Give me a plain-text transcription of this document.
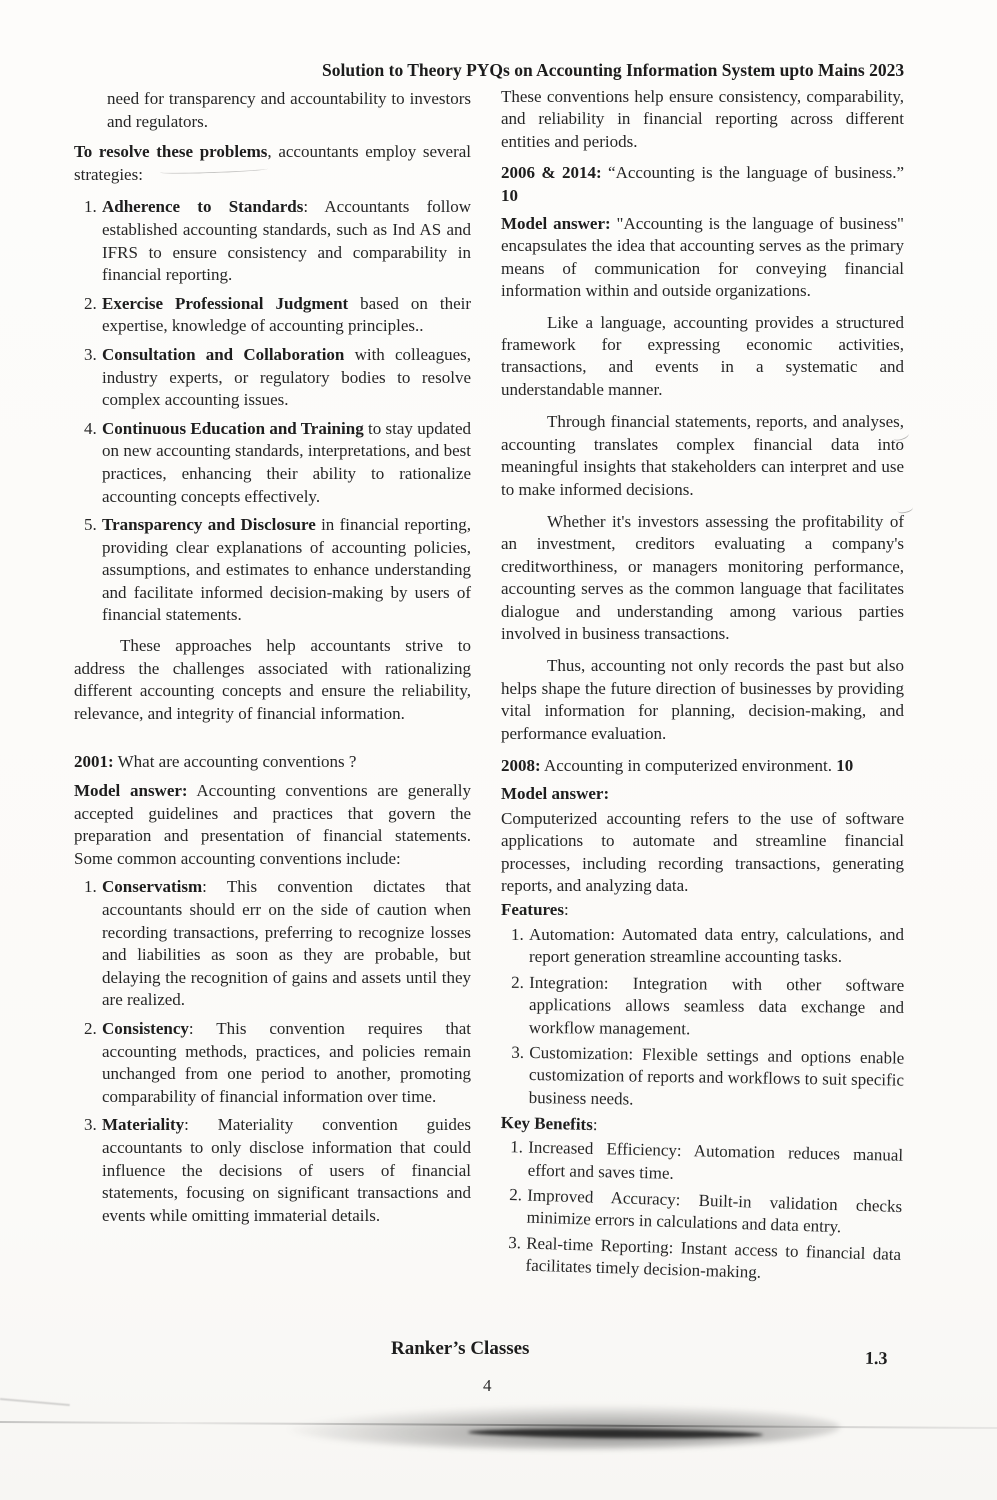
Solution to Theory PYQs on Accounting Information System upto Mains 2023

need for transparency and accountability to investors and regulators.

To resolve these problems, accountants employ several strategies:

1. Adherence to Standards: Accountants follow established accounting standards, such as Ind AS and IFRS to ensure consistency and comparability in financial reporting.
2. Exercise Professional Judgment based on their expertise, knowledge of accounting principles..
3. Consultation and Collaboration with colleagues, industry experts, or regulatory bodies to resolve complex accounting issues.
4. Continuous Education and Training to stay updated on new accounting standards, interpretations, and best practices, enhancing their ability to rationalize accounting concepts effectively.
5. Transparency and Disclosure in financial reporting, providing clear explanations of accounting policies, assumptions, and estimates to enhance understanding and facilitate informed decision-making by users of financial statements.

These approaches help accountants strive to address the challenges associated with rationalizing different accounting concepts and ensure the reliability, relevance, and integrity of financial information.

2001: What are accounting conventions ?

Model answer: Accounting conventions are generally accepted guidelines and practices that govern the preparation and presentation of financial statements. Some common accounting conventions include:

1. Conservatism: This convention dictates that accountants should err on the side of caution when recording transactions, preferring to recognize losses and liabilities as soon as they are probable, but delaying the recognition of gains and assets until they are realized.
2. Consistency: This convention requires that accounting methods, practices, and policies remain unchanged from one period to another, promoting comparability of financial information over time.
3. Materiality: Materiality convention guides accountants to only disclose information that could influence the decisions of users of financial statements, focusing on significant transactions and events while omitting immaterial details.

These conventions help ensure consistency, comparability, and reliability in financial reporting across different entities and periods.

2006 & 2014: “Accounting is the language of business.” 10

Model answer: "Accounting is the language of business" encapsulates the idea that accounting serves as the primary means of communication for conveying financial information within and outside organizations.

Like a language, accounting provides a structured framework for expressing economic activities, transactions, and events in a systematic and understandable manner.

Through financial statements, reports, and analyses, accounting translates complex financial data into meaningful insights that stakeholders can interpret and use to make informed decisions.

Whether it's investors assessing the profitability of an investment, creditors evaluating a company's creditworthiness, or managers monitoring performance, accounting serves as the common language that facilitates dialogue and understanding among various parties involved in business transactions.

Thus, accounting not only records the past but also helps shape the future direction of businesses by providing vital information for planning, decision-making, and performance evaluation.

2008: Accounting in computerized environment. 10

Model answer:

Computerized accounting refers to the use of software applications to automate and streamline financial processes, including recording transactions, generating reports, and analyzing data.

Features:

1. Automation: Automated data entry, calculations, and report generation streamline accounting tasks.
2. Integration: Integration with other software applications allows seamless data exchange and workflow management.
3. Customization: Flexible settings and options enable customization of reports and workflows to suit specific business needs.

Key Benefits:

1. Increased Efficiency: Automation reduces manual effort and saves time.
2. Improved Accuracy: Built-in validation checks minimize errors in calculations and data entry.
3. Real-time Reporting: Instant access to financial data facilitates timely decision-making.
Ranker’s Classes	1.3
4
